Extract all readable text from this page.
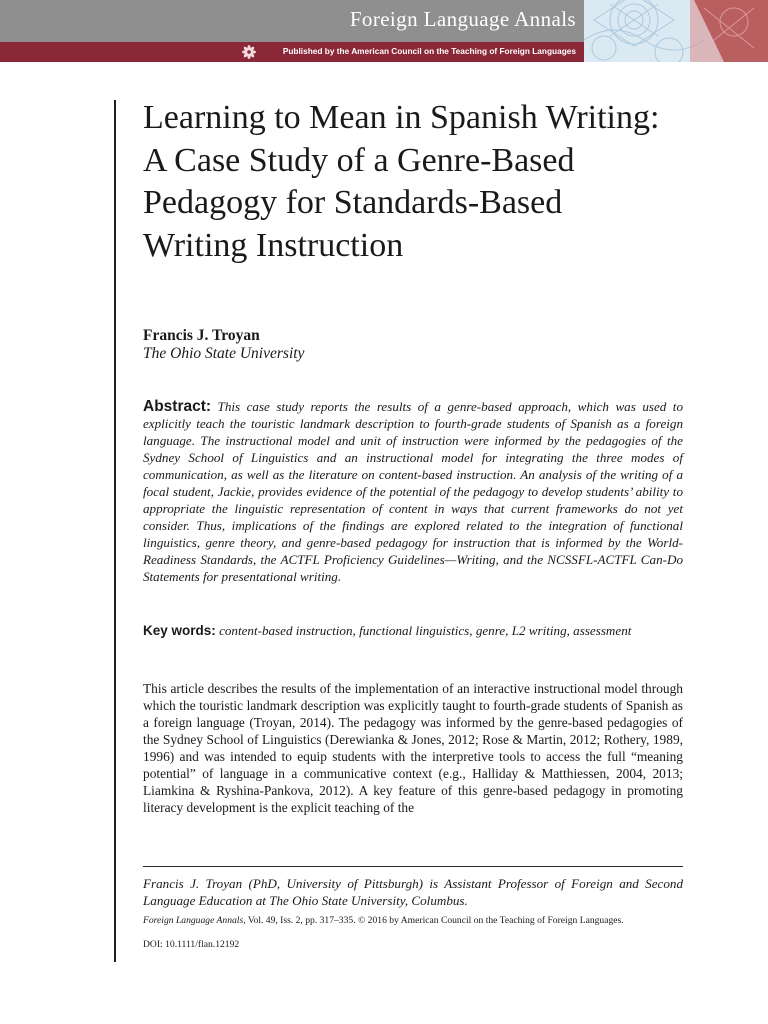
Foreign Language Annals
Published by the American Council on the Teaching of Foreign Languages
Learning to Mean in Spanish Writing: A Case Study of a Genre-Based Pedagogy for Standards-Based Writing Instruction
Francis J. Troyan
The Ohio State University

Abstract: This case study reports the results of a genre-based approach, which was used to explicitly teach the touristic landmark description to fourth-grade students of Spanish as a foreign language. The instructional model and unit of instruction were informed by the pedagogies of the Sydney School of Linguistics and an instructional model for integrating the three modes of communication, as well as the literature on content-based instruction. An analysis of the writing of a focal student, Jackie, provides evidence of the potential of the pedagogy to develop students’ ability to appropriate the linguistic representation of content in ways that current frameworks do not yet consider. Thus, implications of the findings are explored related to the integration of functional linguistics, genre theory, and genre-based pedagogy for instruction that is informed by the World-Readiness Standards, the ACTFL Proficiency Guidelines—Writing, and the NCSSFL-ACTFL Can-Do Statements for presentational writing.

Key words: content-based instruction, functional linguistics, genre, L2 writing, assessment

This article describes the results of the implementation of an interactive instructional model through which the touristic landmark description was explicitly taught to fourth-grade students of Spanish as a foreign language (Troyan, 2014). The pedagogy was informed by the genre-based pedagogies of the Sydney School of Linguistics (Derewianka & Jones, 2012; Rose & Martin, 2012; Rothery, 1989, 1996) and was intended to equip students with the interpretive tools to access the full “meaning potential” of language in a communicative context (e.g., Halliday & Matthiessen, 2004, 2013; Liamkina & Ryshina-Pankova, 2012). A key feature of this genre-based pedagogy in promoting literacy development is the explicit teaching of the

Francis J. Troyan (PhD, University of Pittsburgh) is Assistant Professor of Foreign and Second Language Education at The Ohio State University, Columbus.

Foreign Language Annals, Vol. 49, Iss. 2, pp. 317–335. © 2016 by American Council on the Teaching of Foreign Languages.

DOI: 10.1111/flan.12192
